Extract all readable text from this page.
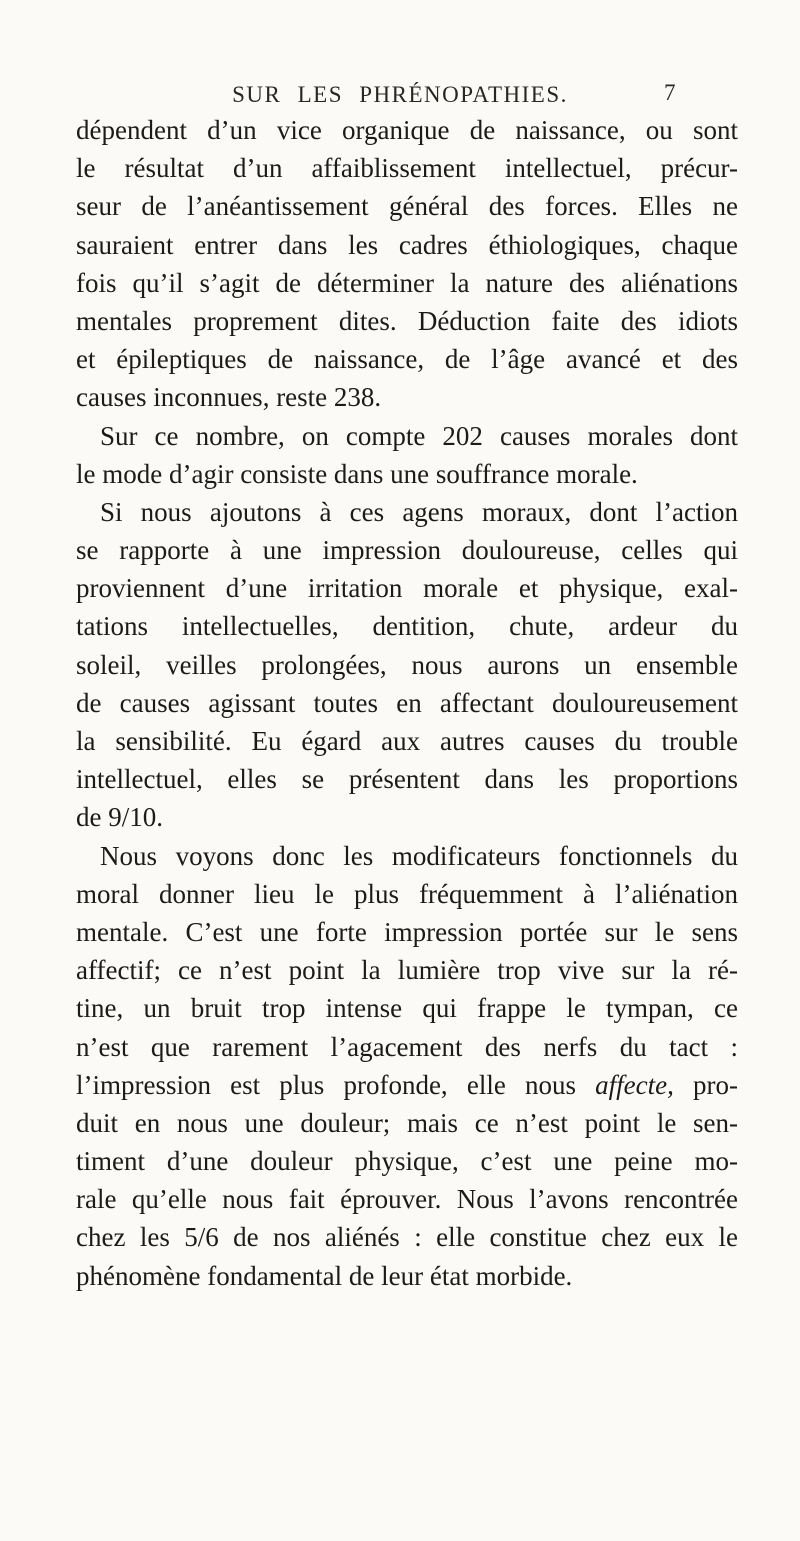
SUR LES PHRÉNOPATHIES.	7
dépendent d’un vice organique de naissance, ou sont
le résultat d’un affaiblissement intellectuel, précur-
seur de l’anéantissement général des forces. Elles ne
sauraient entrer dans les cadres éthiologiques, chaque
fois qu’il s’agit de déterminer la nature des aliénations
mentales proprement dites. Déduction faite des idiots
et épileptiques de naissance, de l’âge avancé et des
causes inconnues, reste 238.
Sur ce nombre, on compte 202 causes morales dont
le mode d’agir consiste dans une souffrance morale.
Si nous ajoutons à ces agens moraux, dont l’action
se rapporte à une impression douloureuse, celles qui
proviennent d’une irritation morale et physique, exal-
tations intellectuelles, dentition, chute, ardeur du
soleil, veilles prolongées, nous aurons un ensemble
de causes agissant toutes en affectant douloureusement
la sensibilité. Eu égard aux autres causes du trouble
intellectuel, elles se présentent dans les proportions
de 9/10.
Nous voyons donc les modificateurs fonctionnels du
moral donner lieu le plus fréquemment à l’aliénation
mentale. C’est une forte impression portée sur le sens
affectif; ce n’est point la lumière trop vive sur la ré-
tine, un bruit trop intense qui frappe le tympan, ce
n’est que rarement l’agacement des nerfs du tact :
l’impression est plus profonde, elle nous affecte, pro-
duit en nous une douleur; mais ce n’est point le sen-
timent d’une douleur physique, c’est une peine mo-
rale qu’elle nous fait éprouver. Nous l’avons rencontrée
chez les 5/6 de nos aliénés : elle constitue chez eux le
phénomène fondamental de leur état morbide.
